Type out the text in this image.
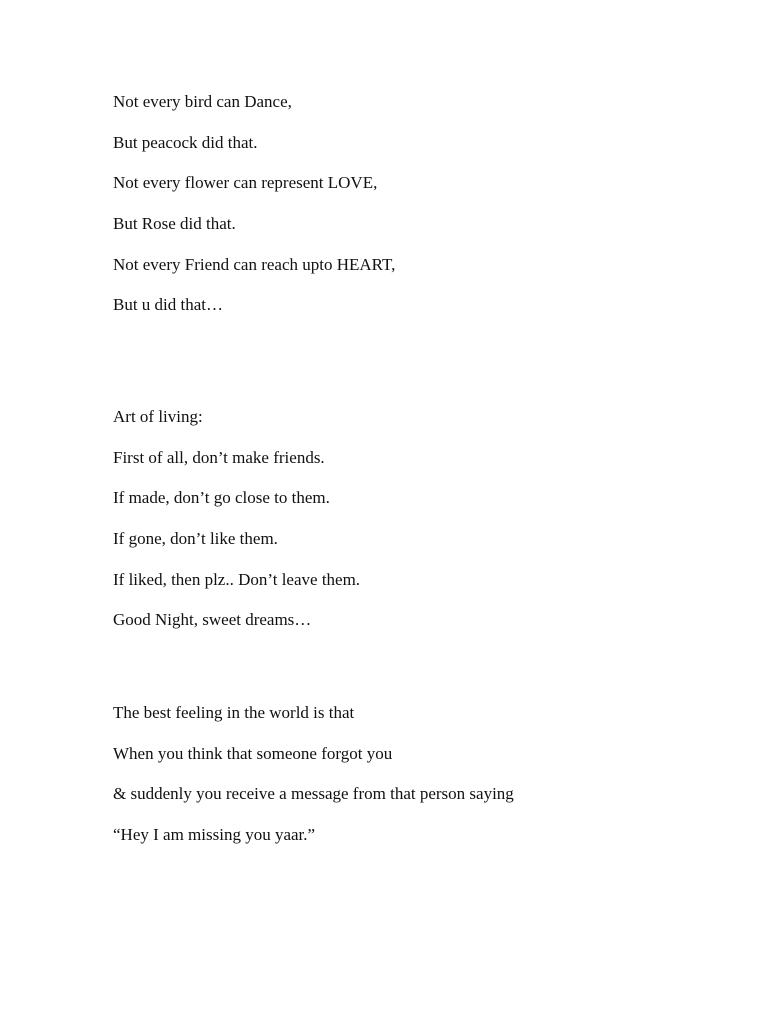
Not every bird can Dance,

But peacock did that.

Not every flower can represent LOVE,

But Rose did that.

Not every Friend can reach upto HEART,

But u did that…

Art of living:

First of all, don’t make friends.

If made, don’t go close to them.

If gone, don’t like them.

If liked, then plz.. Don’t leave them.

Good Night, sweet dreams…

The best feeling in the world is that

When you think that someone forgot you

& suddenly you receive a message from that person saying

“Hey I am missing you yaar.”
